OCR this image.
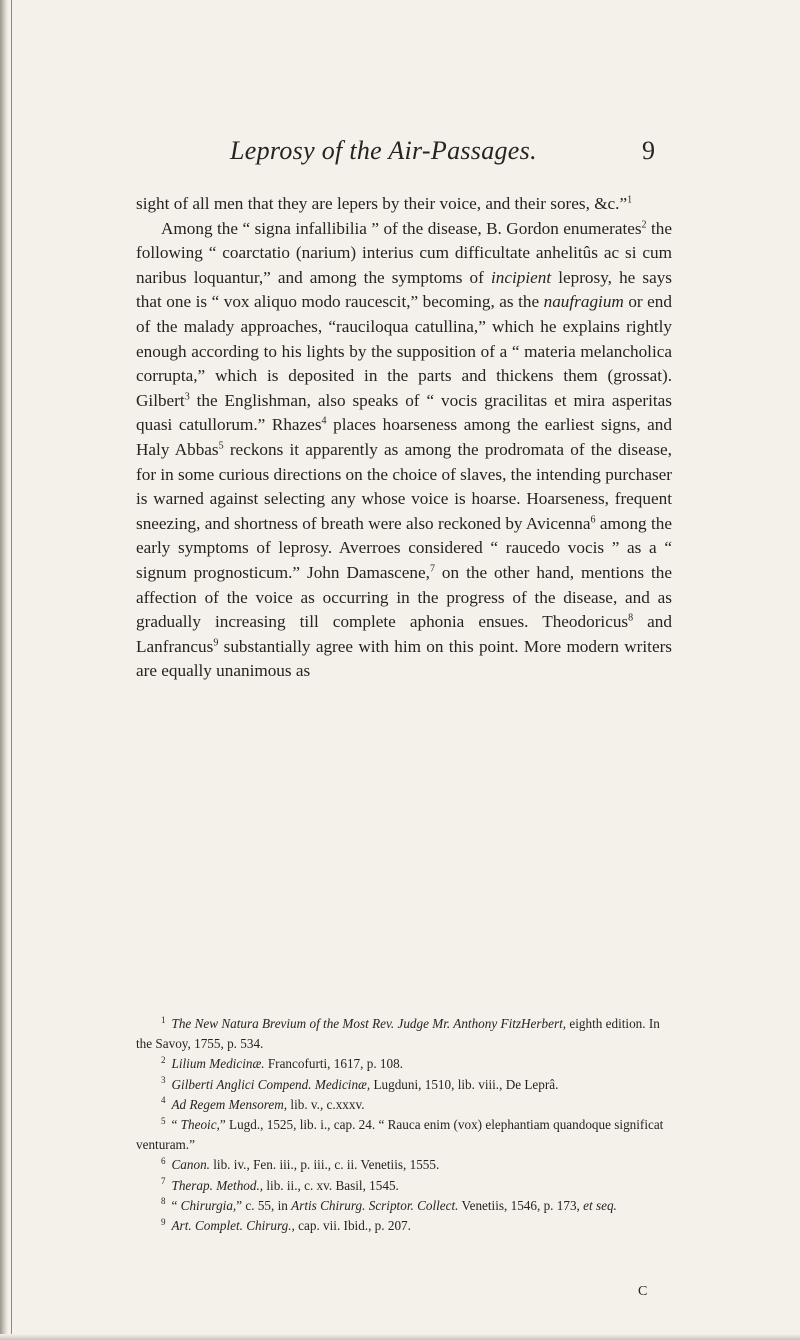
Leprosy of the Air-Passages.	9

sight of all men that they are lepers by their voice, and their sores, &c.”$^1$

Among the “ signa infallibilia ” of the disease, B. Gordon enumerates$^2$ the following “ coarctatio (narium) interius cum difficultate anhelitûs ac si cum naribus loquantur,” and among the symptoms of incipient leprosy, he says that one is “ vox aliquo modo raucescit,” becoming, as the naufragium or end of the malady approaches, “rauciloqua catullina,” which he explains rightly enough according to his lights by the supposition of a “ materia melancholica corrupta,” which is deposited in the parts and thickens them (grossat). Gilbert$^3$ the Englishman, also speaks of “ vocis gracilitas et mira asperitas quasi catullorum.” Rhazes$^4$ places hoarseness among the earliest signs, and Haly Abbas$^5$ reckons it apparently as among the prodromata of the disease, for in some curious directions on the choice of slaves, the intending purchaser is warned against selecting any whose voice is hoarse. Hoarseness, frequent sneezing, and shortness of breath were also reckoned by Avicenna$^6$ among the early symptoms of leprosy. Averroes considered “ raucedo vocis ” as a “ signum prognosticum.” John Damascene,$^7$ on the other hand, mentions the affection of the voice as occurring in the progress of the disease, and as gradually increasing till complete aphonia ensues. Theodoricus$^8$ and Lanfrancus$^9$ substantially agree with him on this point. More modern writers are equally unanimous as

$^1$ The New Natura Brevium of the Most Rev. Judge Mr. Anthony FitzHerbert, eighth edition. In the Savoy, 1755, p. 534.

$^2$ Lilium Medicinæ. Francofurti, 1617, p. 108.

$^3$ Gilberti Anglici Compend. Medicinæ, Lugduni, 1510, lib. viii., De Leprâ.

$^4$ Ad Regem Mensorem, lib. v., c.xxxv.

$^5$ “ Theoic,” Lugd., 1525, lib. i., cap. 24. “ Rauca enim (vox) elephantiam quandoque significat venturam.”

$^6$ Canon. lib. iv., Fen. iii., p. iii., c. ii. Venetiis, 1555.

$^7$ Therap. Method., lib. ii., c. xv. Basil, 1545.

$^8$ “ Chirurgia,” c. 55, in Artis Chirurg. Scriptor. Collect. Venetiis, 1546, p. 173, et seq.

$^9$ Art. Complet. Chirurg., cap. vii. Ibid., p. 207.

C
